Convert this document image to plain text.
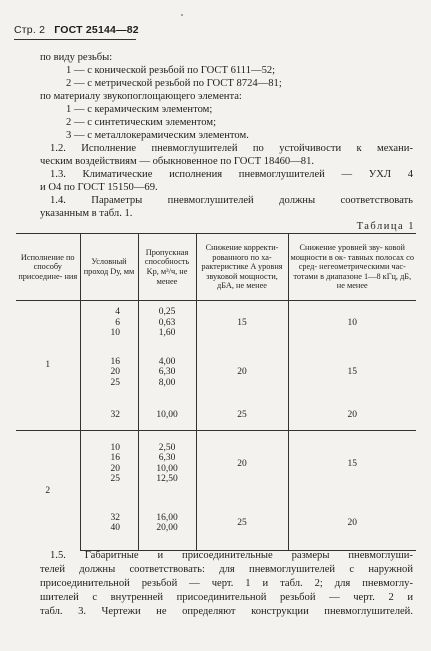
Стр. 2 ГОСТ 25144—82
по виду резьбы:
1 — с конической резьбой по ГОСТ 6111—52;
2 — с метрической резьбой по ГОСТ 8724—81;
по материалу звукопоглощающего элемента:
1 — с керамическим элементом;
2 — с синтетическим элементом;
3 — с металлокерамическим элементом.
1.2. Исполнение пневмоглушителей по устойчивости к механи-
ческим воздействиям — обыкновенное по ГОСТ 18460—81.
1.3. Климатические исполнения пневмоглушителей — УХЛ 4
и О4 по ГОСТ 15150—69.
1.4. Параметры пневмоглушителей должны соответствовать
указанным в табл. 1.
Таблица 1
Исполнение по способу присоедине- ния	Условный проход Dу, мм	Пропускная способность Kр, м³/ч, не менее	Снижение корректи- рованного по ха- рактеристике A уровня звуковой мощности, дБА, не менее	Снижение уровней зву- ковой мощности в ок- тавных полосах со сред- негеометрическими час- тотами в диапазоне 1—8 кГц, дБ, не менее
1	4
6
10	0,25
0,63
1,60	15	10
	16
20
25	4,00
6,30
8,00	20	15
	32	10,00	25	20
2	10
16
20
25	2,50
6,30
10,00
12,50	20	15
	32
40	16,00
20,00	25	20
1.5. Габаритные и присоединительные размеры пневмоглуши-
телей должны соответствовать: для пневмоглушителей с наружной
присоединительной резьбой — черт. 1 и табл. 2; для пневмоглу-
шителей с внутренней присоединительной резьбой — черт. 2 и
табл. 3. Чертежи не определяют конструкции пневмоглушителей.
